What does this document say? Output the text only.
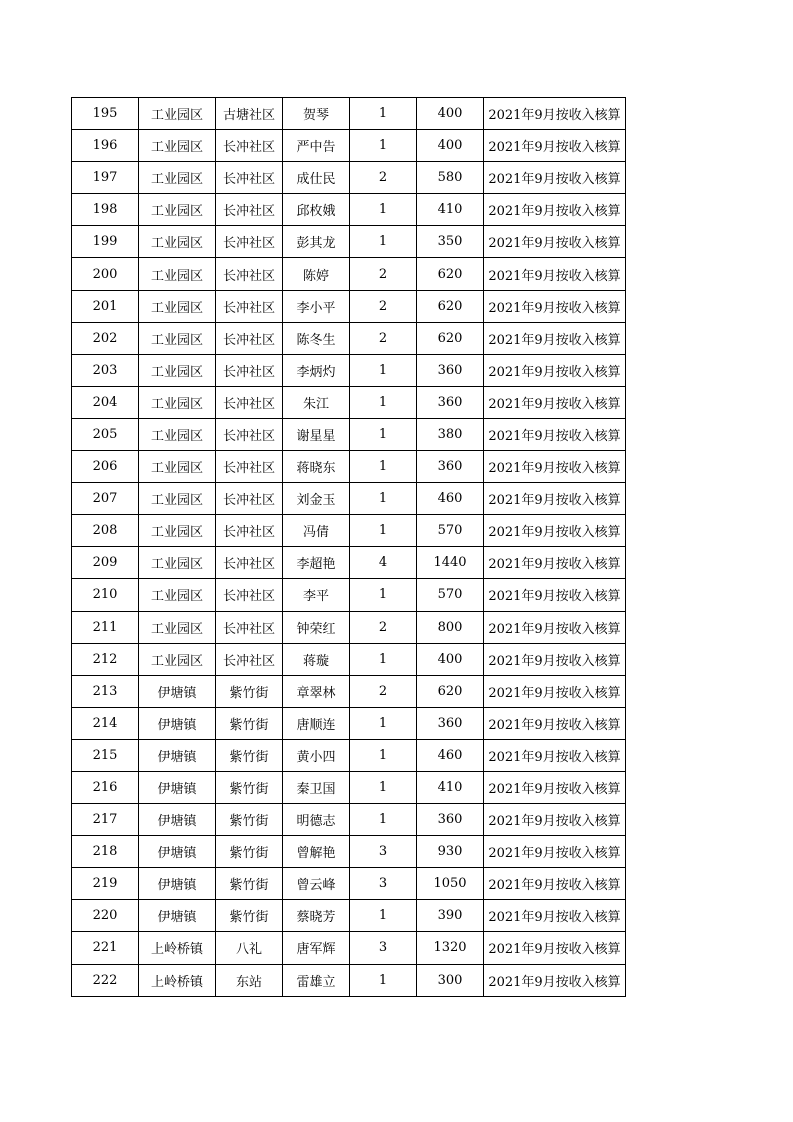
195	工业园区	古塘社区	贺琴	1	400	2021年9月按收入核算
196	工业园区	长冲社区	严中告	1	400	2021年9月按收入核算
197	工业园区	长冲社区	成仕民	2	580	2021年9月按收入核算
198	工业园区	长冲社区	邱枚娥	1	410	2021年9月按收入核算
199	工业园区	长冲社区	彭其龙	1	350	2021年9月按收入核算
200	工业园区	长冲社区	陈婷	2	620	2021年9月按收入核算
201	工业园区	长冲社区	李小平	2	620	2021年9月按收入核算
202	工业园区	长冲社区	陈冬生	2	620	2021年9月按收入核算
203	工业园区	长冲社区	李炳灼	1	360	2021年9月按收入核算
204	工业园区	长冲社区	朱江	1	360	2021年9月按收入核算
205	工业园区	长冲社区	谢星星	1	380	2021年9月按收入核算
206	工业园区	长冲社区	蒋晓东	1	360	2021年9月按收入核算
207	工业园区	长冲社区	刘金玉	1	460	2021年9月按收入核算
208	工业园区	长冲社区	冯倩	1	570	2021年9月按收入核算
209	工业园区	长冲社区	李超艳	4	1440	2021年9月按收入核算
210	工业园区	长冲社区	李平	1	570	2021年9月按收入核算
211	工业园区	长冲社区	钟荣红	2	800	2021年9月按收入核算
212	工业园区	长冲社区	蒋璇	1	400	2021年9月按收入核算
213	伊塘镇	紫竹街	章翠林	2	620	2021年9月按收入核算
214	伊塘镇	紫竹街	唐顺连	1	360	2021年9月按收入核算
215	伊塘镇	紫竹街	黄小四	1	460	2021年9月按收入核算
216	伊塘镇	紫竹街	秦卫国	1	410	2021年9月按收入核算
217	伊塘镇	紫竹街	明德志	1	360	2021年9月按收入核算
218	伊塘镇	紫竹街	曾解艳	3	930	2021年9月按收入核算
219	伊塘镇	紫竹街	曾云峰	3	1050	2021年9月按收入核算
220	伊塘镇	紫竹街	蔡晓芳	1	390	2021年9月按收入核算
221	上岭桥镇	八礼	唐军辉	3	1320	2021年9月按收入核算
222	上岭桥镇	东站	雷雄立	1	300	2021年9月按收入核算
